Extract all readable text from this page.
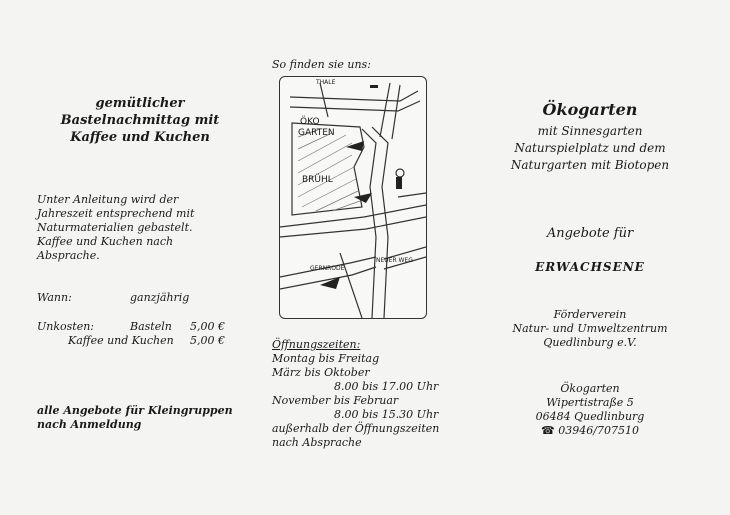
gemütlicher
Bastelnachmittag mit
Kaffee und Kuchen
Unter Anleitung wird der
Jahreszeit entsprechend mit
Naturmaterialien gebastelt.
Kaffee und Kuchen nach
Absprache.
Wann:	ganzjährig
Unkosten:	Basteln 5,00 €
Kaffee und Kuchen 5,00 €
alle Angebote für Kleingruppen
nach Anmeldung
So finden sie uns:
THALE
ÖKO
GARTEN
BRÜHL
GERNRODE
NEUER WEG
Öffnungszeiten:
Montag bis Freitag
März bis Oktober
8.00 bis 17.00 Uhr
November bis Februar
8.00 bis 15.30 Uhr
außerhalb der Öffnungszeiten
nach Absprache
Ökogarten
mit Sinnesgarten
Naturspielplatz und dem
Naturgarten mit Biotopen
Angebote für
ERWACHSENE
Förderverein
Natur- und Umweltzentrum
Quedlinburg e.V.
Ökogarten
Wipertistraße 5
06484 Quedlinburg
☎ 03946/707510
